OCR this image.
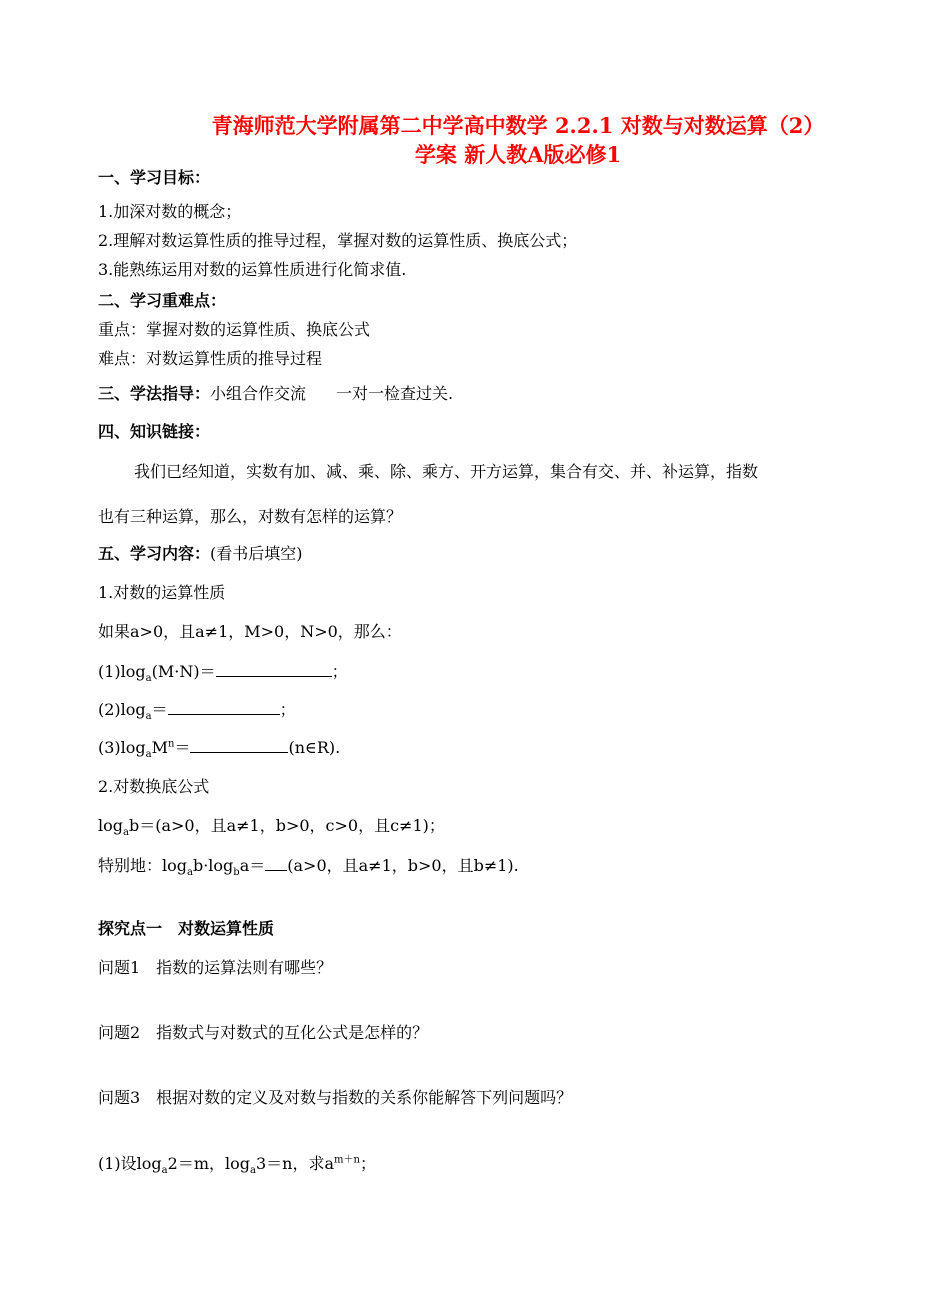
青海师范大学附属第二中学高中数学 2.2.1 对数与对数运算（2）
学案 新人教A版必修1
一、学习目标：
1.加深对数的概念；
2.理解对数运算性质的推导过程，掌握对数的运算性质、换底公式；
3.能熟练运用对数的运算性质进行化简求值.
二、学习重难点：
重点：掌握对数的运算性质、换底公式
难点：对数运算性质的推导过程
三、学法指导：小组合作交流 一对一检查过关.
四、知识链接：
我们已经知道，实数有加、减、乘、除、乘方、开方运算，集合有交、并、补运算，指数
也有三种运算，那么，对数有怎样的运算？
五、学习内容：(看书后填空)
1.对数的运算性质
如果a>0，且a≠1，M>0，N>0，那么：
$(1)\log_a(M\cdot N)=$	；
$(2)\log_a=$	；
$(3)\log_aM^n=$	(n∈R).
2.对数换底公式
$\log_ab=(a>0$，且a≠1，b>0，c>0，且c≠1)；
特别地：$\log_ab\cdot\log_ba= (a>0$，且a≠1，b>0，且b≠1).
探究点一　对数运算性质
问题1　指数的运算法则有哪些？
问题2　指数式与对数式的互化公式是怎样的？
问题3　根据对数的定义及对数与指数的关系你能解答下列问题吗？
(1)设$\log_a2=m$，$\log_a3=n$，求$a^{m+n}$；
